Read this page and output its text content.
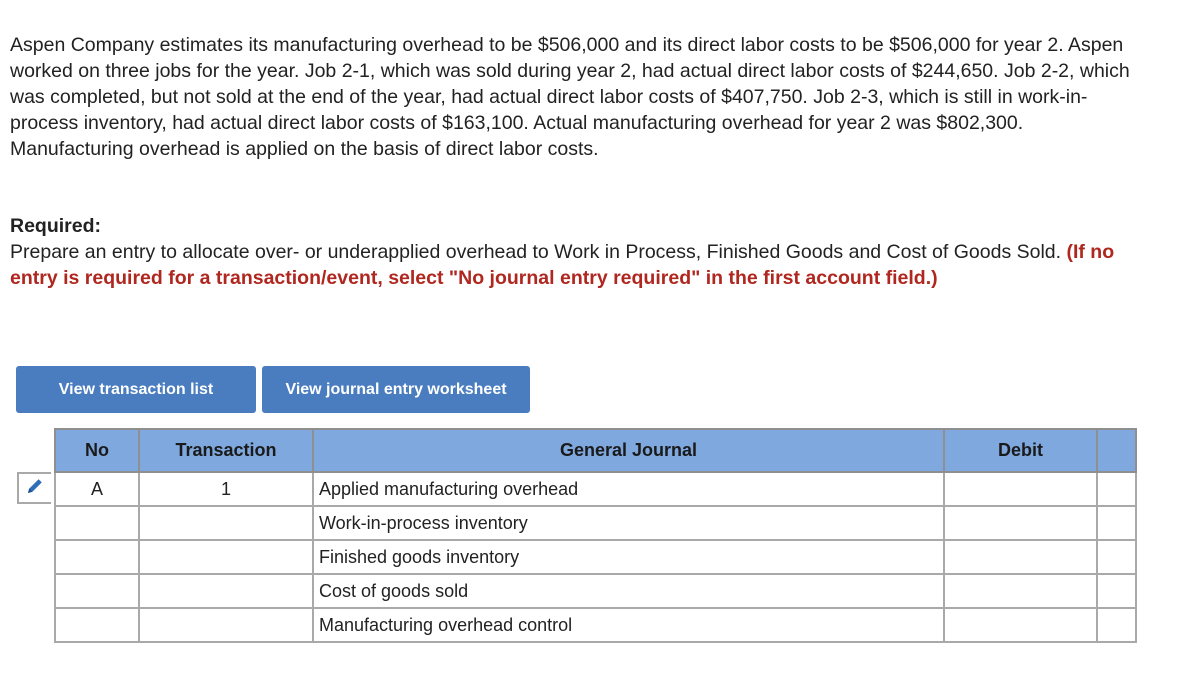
Aspen Company estimates its manufacturing overhead to be $506,000 and its direct labor costs to be $506,000 for year 2. Aspen worked on three jobs for the year. Job 2-1, which was sold during year 2, had actual direct labor costs of $244,650. Job 2-2, which was completed, but not sold at the end of the year, had actual direct labor costs of $407,750. Job 2-3, which is still in work-in-process inventory, had actual direct labor costs of $163,100. Actual manufacturing overhead for year 2 was $802,300. Manufacturing overhead is applied on the basis of direct labor costs.

Required:

Prepare an entry to allocate over- or underapplied overhead to Work in Process, Finished Goods and Cost of Goods Sold. (If no entry is required for a transaction/event, select "No journal entry required" in the first account field.)

View transaction list	View journal entry worksheet
No	Transaction	General Journal	Debit	
A	1	Applied manufacturing overhead		
		Work-in-process inventory		
		Finished goods inventory		
		Cost of goods sold		
		Manufacturing overhead control		
